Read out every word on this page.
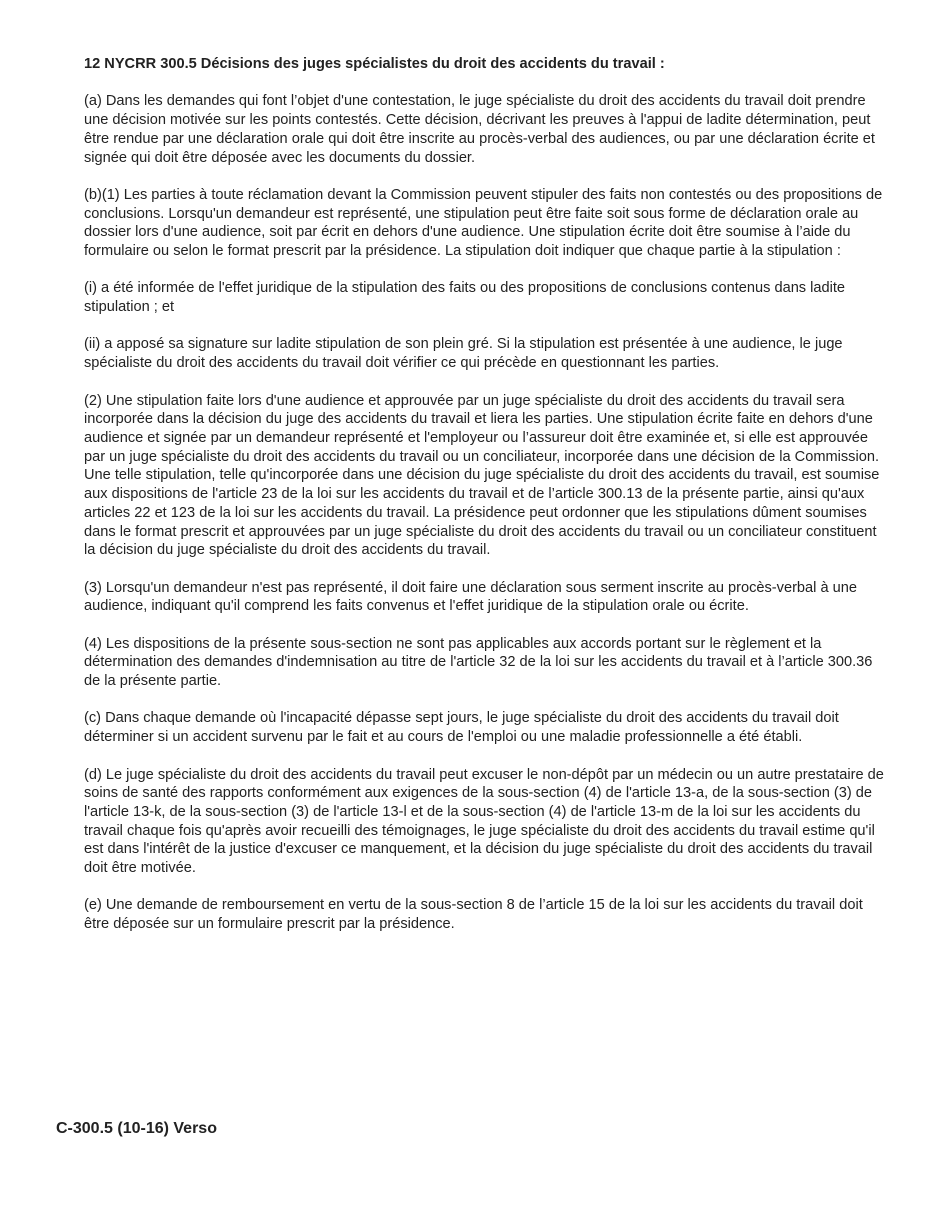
12 NYCRR 300.5 Décisions des juges spécialistes du droit des accidents du travail :

(a) Dans les demandes qui font l’objet d'une contestation, le juge spécialiste du droit des accidents du travail doit prendre une décision motivée sur les points contestés. Cette décision, décrivant les preuves à l'appui de ladite détermination, peut être rendue par une déclaration orale qui doit être inscrite au procès-verbal des audiences, ou par une déclaration écrite et signée qui doit être déposée avec les documents du dossier.

(b)(1) Les parties à toute réclamation devant la Commission peuvent stipuler des faits non contestés ou des propositions de conclusions. Lorsqu'un demandeur est représenté, une stipulation peut être faite soit sous forme de déclaration orale au dossier lors d'une audience, soit par écrit en dehors d'une audience. Une stipulation écrite doit être soumise à l’aide du formulaire ou selon le format prescrit par la présidence. La stipulation doit indiquer que chaque partie à la stipulation :

(i) a été informée de l'effet juridique de la stipulation des faits ou des propositions de conclusions contenus dans ladite stipulation ; et

(ii) a apposé sa signature sur ladite stipulation de son plein gré. Si la stipulation est présentée à une audience, le juge spécialiste du droit des accidents du travail doit vérifier ce qui précède en questionnant les parties.

(2) Une stipulation faite lors d'une audience et approuvée par un juge spécialiste du droit des accidents du travail sera incorporée dans la décision du juge des accidents du travail et liera les parties. Une stipulation écrite faite en dehors d'une audience et signée par un demandeur représenté et l'employeur ou l’assureur doit être examinée et, si elle est approuvée par un juge spécialiste du droit des accidents du travail ou un conciliateur, incorporée dans une décision de la Commission. Une telle stipulation, telle qu'incorporée dans une décision du juge spécialiste du droit des accidents du travail, est soumise aux dispositions de l'article 23 de la loi sur les accidents du travail et de l’article 300.13 de la présente partie, ainsi qu'aux articles 22 et 123 de la loi sur les accidents du travail. La présidence peut ordonner que les stipulations dûment soumises dans le format prescrit et approuvées par un juge spécialiste du droit des accidents du travail ou un conciliateur constituent la décision du juge spécialiste du droit des accidents du travail.

(3) Lorsqu'un demandeur n'est pas représenté, il doit faire une déclaration sous serment inscrite au procès-verbal à une audience, indiquant qu'il comprend les faits convenus et l'effet juridique de la stipulation orale ou écrite.

(4) Les dispositions de la présente sous-section ne sont pas applicables aux accords portant sur le règlement et la détermination des demandes d'indemnisation au titre de l'article 32 de la loi sur les accidents du travail et à l’article 300.36 de la présente partie.

(c) Dans chaque demande où l'incapacité dépasse sept jours, le juge spécialiste du droit des accidents du travail doit déterminer si un accident survenu par le fait et au cours de l'emploi ou une maladie professionnelle a été établi.

(d) Le juge spécialiste du droit des accidents du travail peut excuser le non-dépôt par un médecin ou un autre prestataire de soins de santé des rapports conformément aux exigences de la sous-section (4) de l'article 13-a, de la sous-section (3) de l'article 13-k, de la sous-section (3) de l'article 13-l et de la sous-section (4) de l'article 13-m de la loi sur les accidents du travail chaque fois qu'après avoir recueilli des témoignages, le juge spécialiste du droit des accidents du travail estime qu'il est dans l'intérêt de la justice d'excuser ce manquement, et la décision du juge spécialiste du droit des accidents du travail doit être motivée.

(e) Une demande de remboursement en vertu de la sous-section 8 de l’article 15 de la loi sur les accidents du travail doit être déposée sur un formulaire prescrit par la présidence.

C-300.5 (10-16) Verso
